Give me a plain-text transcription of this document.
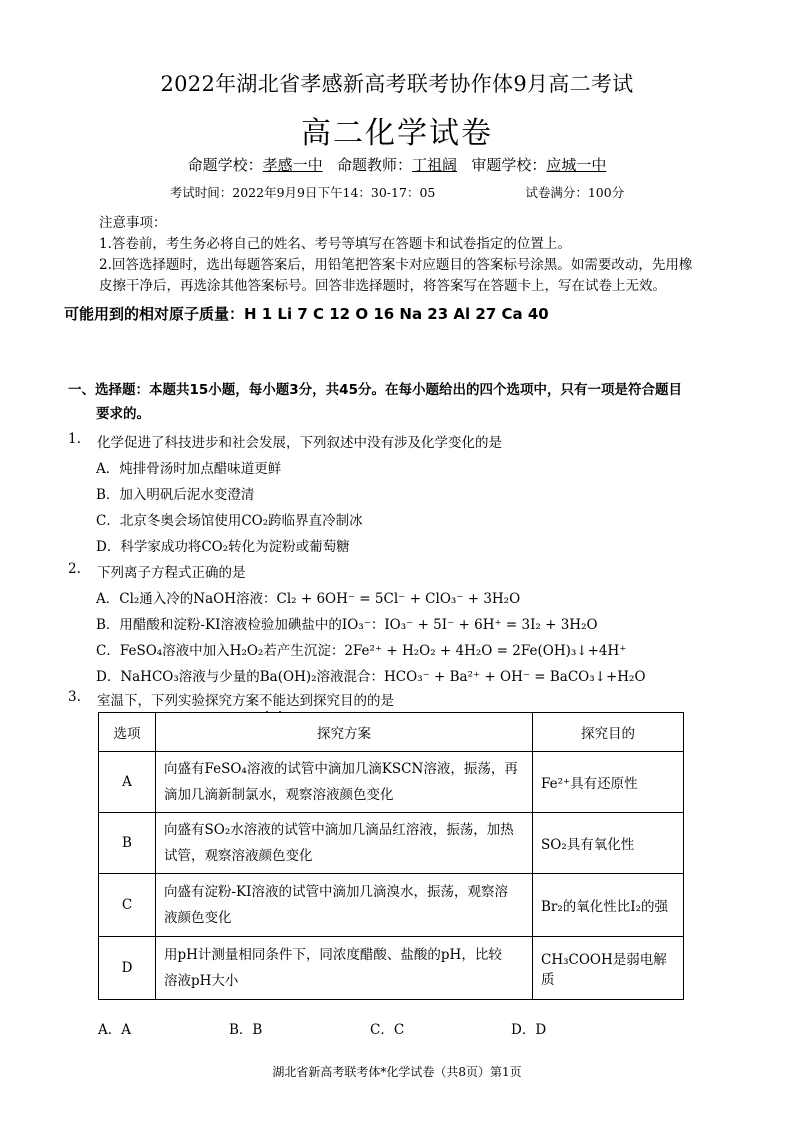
2022年湖北省孝感新高考联考协作体9月高二考试
高二化学试卷
命题学校：孝感一中 命题教师：丁祖阔 审题学校：应城一中
考试时间：2022年9月9日下午14：30-17：05	试卷满分：100分
注意事项：
1.答卷前，考生务必将自己的姓名、考号等填写在答题卡和试卷指定的位置上。
2.回答选择题时，选出每题答案后，用铅笔把答案卡对应题目的答案标号涂黑。如需要改动，先用橡
皮擦干净后，再选涂其他答案标号。回答非选择题时，将答案写在答题卡上，写在试卷上无效。
可能用到的相对原子质量：H 1 Li 7 C 12 O 16 Na 23 Al 27 Ca 40
一、选择题：本题共15小题，每小题3分，共45分。在每小题给出的四个选项中，只有一项是符合题目
要求的。
1. 化学促进了科技进步和社会发展，下列叙述中没有涉及化学变化的是
A．炖排骨汤时加点醋味道更鲜
B．加入明矾后泥水变澄清
C．北京冬奥会场馆使用CO₂跨临界直冷制冰
D．科学家成功将CO₂转化为淀粉或葡萄糖
2. 下列离子方程式正确的是
A．Cl₂通入冷的NaOH溶液：Cl₂ + 6OH⁻ = 5Cl⁻ + ClO₃⁻ + 3H₂O
B．用醋酸和淀粉-KI溶液检验加碘盐中的IO₃⁻：IO₃⁻ + 5I⁻ + 6H⁺ = 3I₂ + 3H₂O
C．FeSO₄溶液中加入H₂O₂若产生沉淀：2Fe²⁺ + H₂O₂ + 4H₂O = 2Fe(OH)₃↓+4H⁺
D．NaHCO₃溶液与少量的Ba(OH)₂溶液混合：HCO₃⁻ + Ba²⁺ + OH⁻ = BaCO₃↓+H₂O
3. 室温下，下列实验探究方案不能达到探究目的的是
选项	探究方案	探究目的
A	向盛有FeSO₄溶液的试管中滴加几滴KSCN溶液，振荡，再
滴加几滴新制氯水，观察溶液颜色变化	Fe²⁺具有还原性
B	向盛有SO₂水溶液的试管中滴加几滴品红溶液，振荡，加热
试管，观察溶液颜色变化	SO₂具有氧化性
C	向盛有淀粉-KI溶液的试管中滴加几滴溴水，振荡，观察溶
液颜色变化	Br₂的氧化性比I₂的强
D	用pH计测量相同条件下，同浓度醋酸、盐酸的pH，比较
溶液pH大小	CH₃COOH是弱电解质
A．A	B．B	C．C	D．D
湖北省新高考联考体*化学试卷（共8页）第1页
